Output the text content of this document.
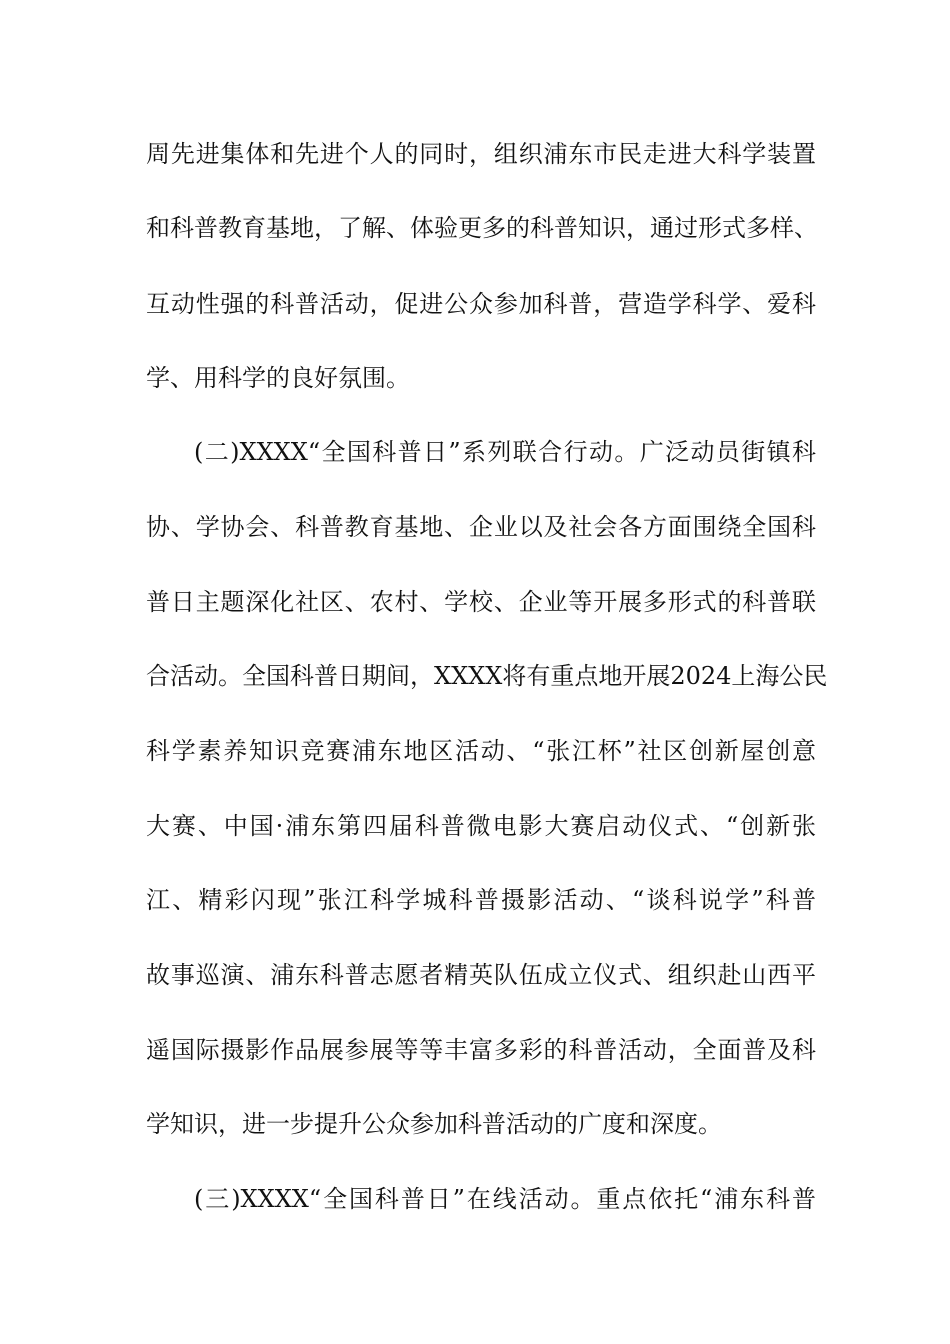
周先进集体和先进个人的同时，组织浦东市民走进大科学装置
和科普教育基地，了解、体验更多的科普知识，通过形式多样、
互动性强的科普活动，促进公众参加科普，营造学科学、爱科
学、用科学的良好氛围。
(二)XXXX“全国科普日”系列联合行动。广泛动员街镇科
协、学协会、科普教育基地、企业以及社会各方面围绕全国科
普日主题深化社区、农村、学校、企业等开展多形式的科普联
合活动。全国科普日期间，XXXX将有重点地开展2024上海公民
科学素养知识竞赛浦东地区活动、“张江杯”社区创新屋创意
大赛、中国·浦东第四届科普微电影大赛启动仪式、“创新张
江、精彩闪现”张江科学城科普摄影活动、“谈科说学”科普
故事巡演、浦东科普志愿者精英队伍成立仪式、组织赴山西平
遥国际摄影作品展参展等等丰富多彩的科普活动，全面普及科
学知识，进一步提升公众参加科普活动的广度和深度。
(三)XXXX“全国科普日”在线活动。重点依托“浦东科普
